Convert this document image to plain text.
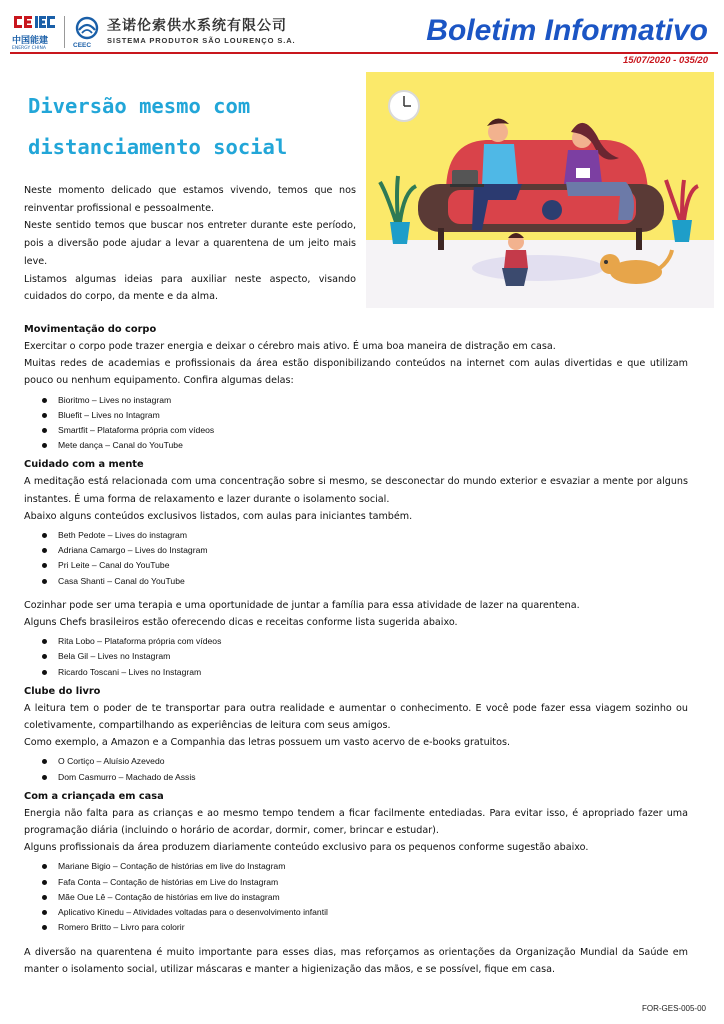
中国能建
ENERGY CHINA	CEEC
圣诺伦索供水系统有限公司
SISTEMA PRODUTOR SÃO LOURENÇO S.A.	Boletim Informativo
15/07/2020 - 035/20
Diversão mesmo com
distanciamento social

Neste momento delicado que estamos vivendo, temos que nos reinventar profissional e pessoalmente.

Neste sentido temos que buscar nos entreter durante este período, pois a diversão pode ajudar a levar a quarentena de um jeito mais leve.

Listamos algumas ideias para auxiliar neste aspecto, visando cuidados do corpo, da mente e da alma.

Movimentação do corpo

Exercitar o corpo pode trazer energia e deixar o cérebro mais ativo. É uma boa maneira de distração em casa.

Muitas redes de academias e profissionais da área estão disponibilizando conteúdos na internet com aulas divertidas e que utilizam pouco ou nenhum equipamento. Confira algumas delas:

Bioritmo – Lives no instagram
Bluefit – Lives no Intagram
Smartfit – Plataforma própria com vídeos
Mete dança – Canal do YouTube
Cuidado com a mente

A meditação está relacionada com uma concentração sobre si mesmo, se desconectar do mundo exterior e esvaziar a mente por alguns instantes. É uma forma de relaxamento e lazer durante o isolamento social.

Abaixo alguns conteúdos exclusivos listados, com aulas para iniciantes também.

Beth Pedote – Lives do instagram
Adriana Camargo – Lives do Instagram
Pri Leite – Canal do YouTube
Casa Shanti – Canal do YouTube

Cozinhar pode ser uma terapia e uma oportunidade de juntar a família para essa atividade de lazer na quarentena.

Alguns Chefs brasileiros estão oferecendo dicas e receitas conforme lista sugerida abaixo.

Rita Lobo – Plataforma própria com vídeos
Bela Gil – Lives no Instagram
Ricardo Toscani – Lives no Instagram
Clube do livro

A leitura tem o poder de te transportar para outra realidade e aumentar o conhecimento. E você pode fazer essa viagem sozinho ou coletivamente, compartilhando as experiências de leitura com seus amigos.

Como exemplo, a Amazon e a Companhia das letras possuem um vasto acervo de e-books gratuitos.

O Cortiço – Aluísio Azevedo
Dom Casmurro – Machado de Assis
Com a criançada em casa

Energia não falta para as crianças e ao mesmo tempo tendem a ficar facilmente entediadas. Para evitar isso, é apropriado fazer uma programação diária (incluindo o horário de acordar, dormir, comer, brincar e estudar).

Alguns profissionais da área produzem diariamente conteúdo exclusivo para os pequenos conforme sugestão abaixo.

Mariane Bigio – Contação de histórias em live do Instagram
Fafa Conta – Contação de histórias em Live do Instagram
Mãe Oue Lê – Contação de histórias em live do instagram
Aplicativo Kinedu – Atividades voltadas para o desenvolvimento infantil
Romero Britto – Livro para colorir

A diversão na quarentena é muito importante para esses dias, mas reforçamos as orientações da Organização Mundial da Saúde em manter o isolamento social, utilizar máscaras e manter a higienização das mãos, e se possível, fique em casa.

FOR-GES-005-00
